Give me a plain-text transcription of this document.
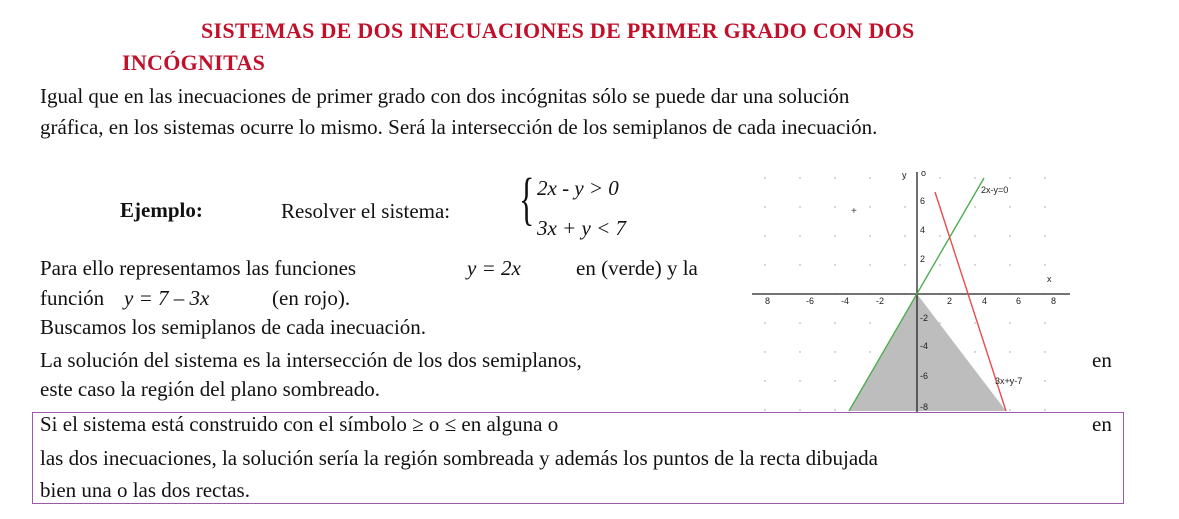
SISTEMAS DE DOS INECUACIONES DE PRIMER GRADO CON DOS
INCÓGNITAS
Igual que en las inecuaciones de primer grado con dos incógnitas sólo se puede dar una solución
gráfica, en los sistemas ocurre lo mismo. Será la intersección de los semiplanos de cada inecuación.
Ejemplo:	Resolver el sistema: { 2x - y > 0
3x + y < 7
Para ello representamos las funciones	y = 2x	en (verde) y la
función y = 7 – 3x	(en rojo).
Buscamos los semiplanos de cada inecuación.
La solución del sistema es la intersección de los dos semiplanos,	en
este caso la región del plano sombreado.
Si el sistema está construido con el símbolo ≥ o ≤ en alguna o	en
las dos inecuaciones, la solución sería la región sombreada y además los puntos de la recta dibujada
bien una o las dos rectas.
8	-6	-4	-2	2	4	6	8
6
4
2
-2
-4
-6
-8
y o
x
2x-y=0
3x+y-7
+
